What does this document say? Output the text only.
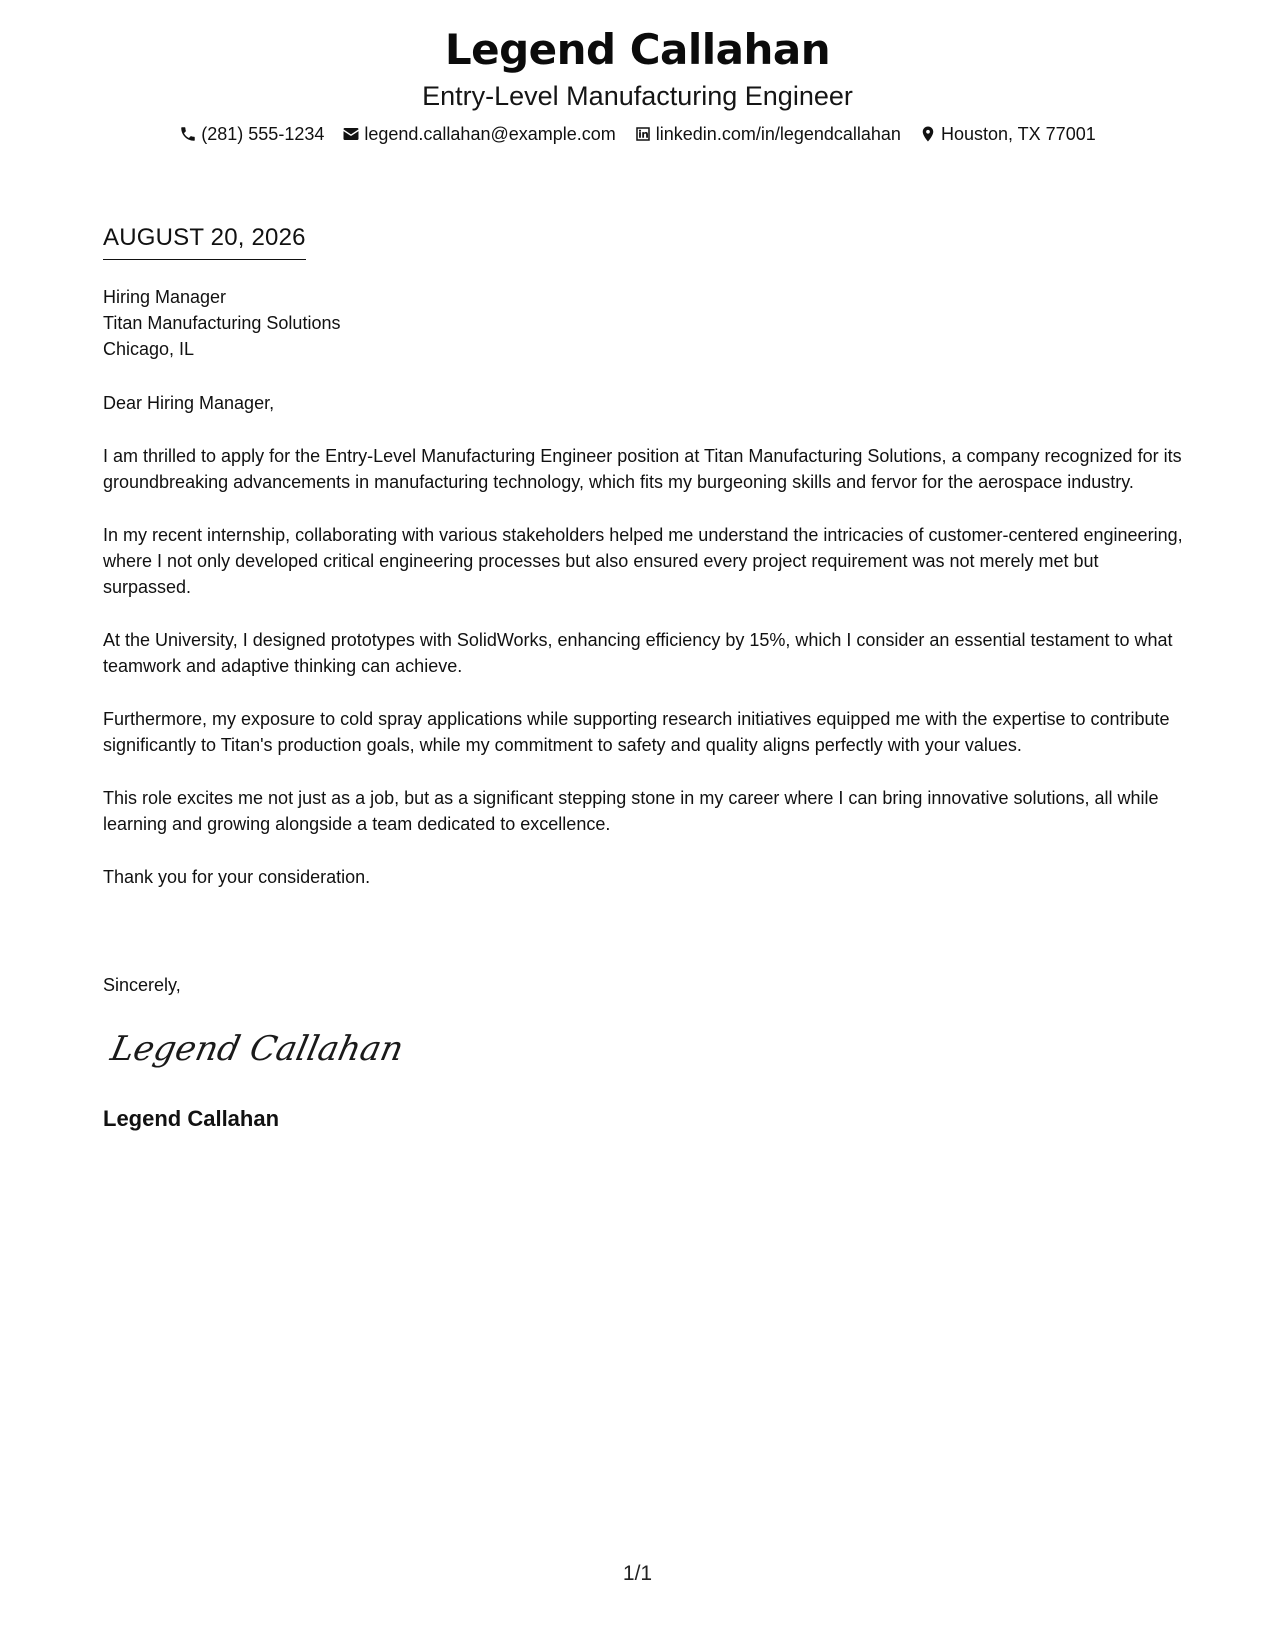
Legend Callahan
Entry-Level Manufacturing Engineer
(281) 555-1234 legend.callahan@example.com linkedin.com/in/legendcallahan Houston, TX 77001
AUGUST 20, 2026
Hiring Manager
Titan Manufacturing Solutions
Chicago, IL

Dear Hiring Manager,

I am thrilled to apply for the Entry-Level Manufacturing Engineer position at Titan Manufacturing Solutions, a company recognized for its groundbreaking advancements in manufacturing technology, which fits my burgeoning skills and fervor for the aerospace industry.

In my recent internship, collaborating with various stakeholders helped me understand the intricacies of customer-centered engineering, where I not only developed critical engineering processes but also ensured every project requirement was not merely met but surpassed.

At the University, I designed prototypes with SolidWorks, enhancing efficiency by 15%, which I consider an essential testament to what teamwork and adaptive thinking can achieve.

Furthermore, my exposure to cold spray applications while supporting research initiatives equipped me with the expertise to contribute significantly to Titan's production goals, while my commitment to safety and quality aligns perfectly with your values.

This role excites me not just as a job, but as a significant stepping stone in my career where I can bring innovative solutions, all while learning and growing alongside a team dedicated to excellence.

Thank you for your consideration.

Sincerely,
Legend Callahan
Legend Callahan
1/1
